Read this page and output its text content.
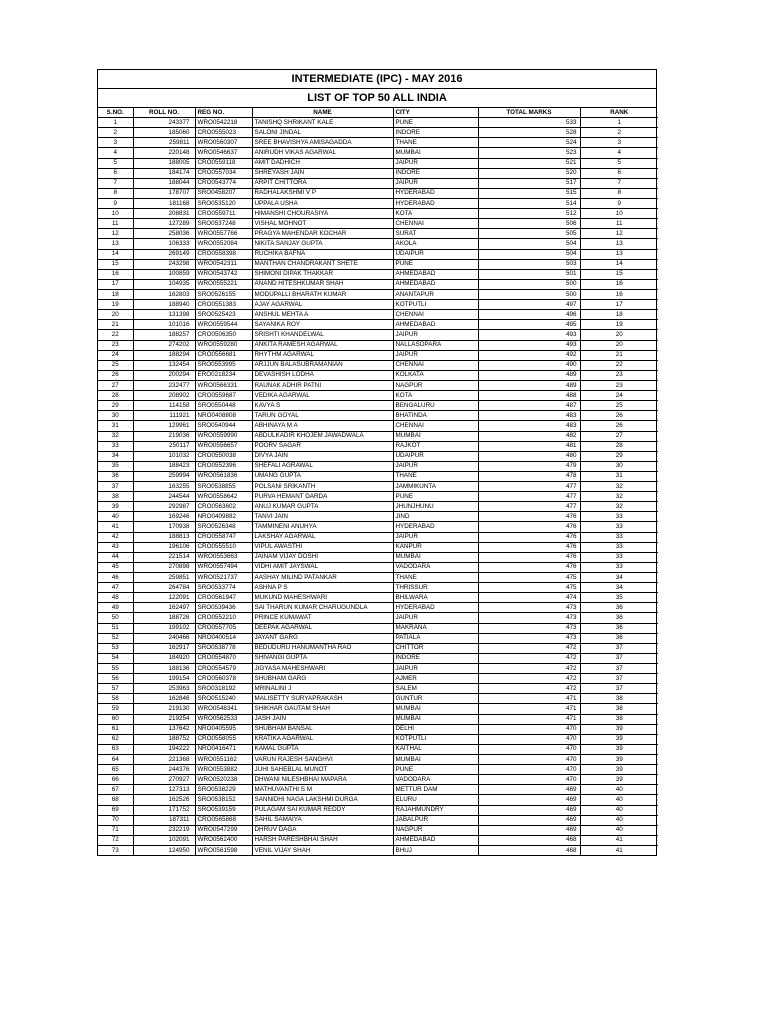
INTERMEDIATE (IPC) - MAY 2016
LIST OF TOP 50 ALL INDIA
S.NO.	ROLL NO.	REG NO.	NAME	CITY	TOTAL MARKS	RANK
1	243377	WRO0542218	TANISHQ SHRIKANT KALE	PUNE	533	1
2	185060	CRO0555023	SALONI JINDAL	INDORE	528	2
3	259811	WRO0560307	SREE BHAVISHYA AMISAGADDA	THANE	524	3
4	220148	WRO0546637	ANIRUDH VIKAS AGARWAL	MUMBAI	523	4
5	188005	CRO0559118	AMIT DADHICH	JAIPUR	521	5
6	184174	CRO0557034	SHREYASH JAIN	INDORE	520	6
7	188044	CRO0543774	ARPIT CHITTORA	JAIPUR	517	7
8	178707	SRO0458207	RADHALAKSHMI V P	HYDERABAD	515	8
9	181168	SRO0535120	UPPALA USHA	HYDERABAD	514	9
10	208831	CRO0559711	HIMANSHI CHOURASIYA	KOTA	512	10
11	127289	SRO0537248	VISHAL MOHNOT	CHENNAI	506	11
12	258036	WRO0557766	PRAGYA MAHENDAR KOCHAR	SURAT	505	12
13	106333	WRO0552084	NIKITA SANJAY GUPTA	AKOLA	504	13
14	269149	CRO0558398	RUCHIKA BAFNA	UDAIPUR	504	13
15	243298	WRO0542311	MANTHAN CHANDRAKANT SHETE	PUNE	503	14
16	100859	WRO0543742	SHIMONI DIPAK THAKKAR	AHMEDABAD	501	15
17	104935	WRO0555221	ANAND HITESHKUMAR SHAH	AHMEDABAD	500	16
18	162803	SRO0526155	MODUPALLI BHARATH KUMAR	ANANTAPUR	500	16
19	188940	CRO0551383	AJAY AGARWAL	KOTPUTLI	497	17
20	131398	SRO0525423	ANSHUL MEHTA A	CHENNAI	496	18
21	101016	WRO0559544	SAYANIKA ROY	AHMEDABAD	495	19
22	188257	CRO0506350	SRISHTI KHANDELWAL	JAIPUR	493	20
23	274202	WRO0559280	ANKITA RAMESH AGARWAL	NALLASOPARA	493	20
24	188294	CRO0556681	RHYTHM AGARWAL	JAIPUR	492	21
25	132454	SRO0553995	ARJJUN BALASUBRAMANIAN	CHENNAI	490	22
26	200294	ERO0218234	DEVASHISH LODHA	KOLKATA	489	23
27	232477	WRO0566331	RAUNAK ADHIR PATNI	NAGPUR	489	23
28	208902	CRO0559687	VEDIKA AGARWAL	KOTA	488	24
29	114158	SRO0550448	KAVYA S	BENGALURU	487	25
30	111921	NRO0408808	TARUN GOYAL	BHATINDA	483	26
31	129961	SRO0540944	ABHINAYA M A	CHENNAI	483	26
32	219036	WRO0559990	ABDULKADIR KHOJEM JAWADWALA	MUMBAI	482	27
33	250117	WRO0556657	POORV SAGAR	RAJKOT	481	28
34	101032	CRO0550038	DIVYA JAIN	UDAIPUR	480	29
35	188423	CRO0552396	SHEFALI AGRAWAL	JAIPUR	479	30
36	259994	WRO0561836	UMANG GUPTA	THANE	478	31
37	163255	SRO0538855	POLSANI SRIKANTH	JAMMIKUNTA	477	32
38	244544	WRO0558642	PURVA HEMANT DARDA	PUNE	477	32
39	292987	CRO0563602	ANUJ KUMAR GUPTA	JHUNJHUNU	477	32
40	169246	NRO0409882	TANVI JAIN	JIND	476	33
41	170938	SRO0526348	TAMMINENI ANUHYA	HYDERABAD	476	33
42	188813	CRO0558747	LAKSHAY AGARWAL	JAIPUR	476	33
43	196106	CRO0555510	VIPUL AWASTHI	KANPUR	476	33
44	221514	WRO0553663	JAINAM VIJAY DOSHI	MUMBAI	476	33
45	270898	WRO0557494	VIDHI AMIT JAYSWAL	VADODARA	476	33
46	259851	WRO0521737	AASHAY MILIND PATANKAR	THANE	475	34
47	264784	SRO0533774	ASHNA P S	THRISSUR	475	34
48	122091	CRO0561947	MUKUND MAHESHWARI	BHILWARA	474	35
49	162497	SRO0539436	SAI THARUN KUMAR CHARUGUNDLA	HYDERABAD	473	36
50	188726	CRO0552210	PRINCE KUMAWAT	JAIPUR	473	36
51	199102	CRO0557705	DEEPAK AGARWAL	MAKRANA	473	36
52	240466	NRO0400514	JAYANT GARG	PATIALA	473	36
53	162917	SRO0538778	BEDUDURU HANUMANTHA RAO	CHITTOR	472	37
54	184920	CRO0554870	SHIVANGI GUPTA	INDORE	472	37
55	188136	CRO0554579	JIGYASA MAHESHWARI	JAIPUR	472	37
56	199154	CRO0560378	SHUBHAM GARG	AJMER	472	37
57	253963	SRO0318192	MRINALINI J	SALEM	472	37
58	162846	SRO0515240	MALISETTY SURYAPRAKASH	GUNTUR	471	38
59	219130	WRO0548341	SHIKHAR GAUTAM SHAH	MUMBAI	471	38
60	219254	WRO0562533	JASH JAIN	MUMBAI	471	38
61	137642	NRO0405595	SHUBHAM BANSAL	DELHI	470	39
62	188752	CRO0558055	KRATIKA AGARWAL	KOTPUTLI	470	39
63	194222	NRO0416471	KAMAL GUPTA	KAITHAL	470	39
64	221368	WRO0551162	VARUN RAJESH SANGHVI	MUMBAI	470	39
65	244376	WRO0553882	JUHI SAHEBLAL MUNOT	PUNE	470	39
66	270927	WRO0520238	DHWANI NILESHBHAI MAPARA	VADODARA	470	39
67	127313	SRO0538229	MATHUVANTHI S M	METTUR DAM	469	40
68	162526	SRO0538152	SANNIDHI NAGA LAKSHMI DURGA	ELURU	469	40
69	171752	SRO0539159	PULAGAM SAI KUMAR REDDY	RAJAHMUNDRY	469	40
70	187311	CRO0565868	SAHIL SAMAIYA	JABALPUR	469	40
71	232219	WRO0547299	DHRUV DAGA	NAGPUR	469	40
72	102091	WRO0562400	HARSH PARESHBHAI SHAH	AHMEDABAD	468	41
73	124950	WRO0561598	VENIL VIJAY SHAH	BHUJ	468	41
